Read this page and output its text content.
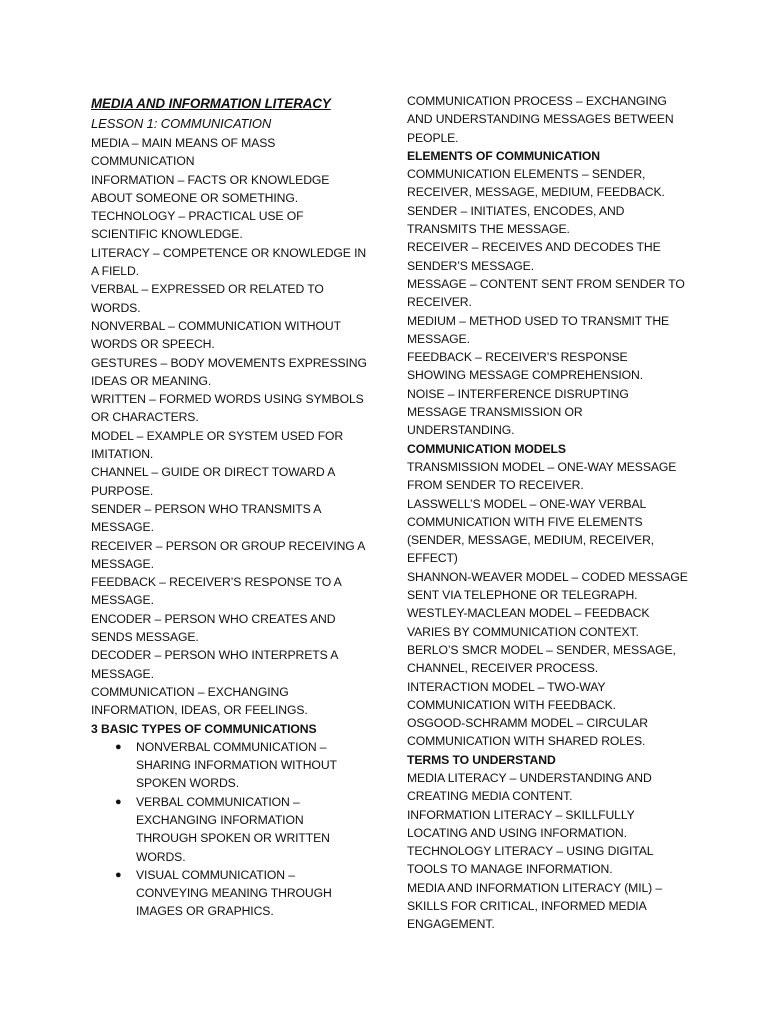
MEDIA AND INFORMATION LITERACY
LESSON 1: COMMUNICATION

MEDIA – MAIN MEANS OF MASS COMMUNICATION

INFORMATION – FACTS OR KNOWLEDGE ABOUT SOMEONE OR SOMETHING.

TECHNOLOGY – PRACTICAL USE OF SCIENTIFIC KNOWLEDGE.

LITERACY – COMPETENCE OR KNOWLEDGE IN A FIELD.

VERBAL – EXPRESSED OR RELATED TO WORDS.

NONVERBAL – COMMUNICATION WITHOUT WORDS OR SPEECH.

GESTURES – BODY MOVEMENTS EXPRESSING IDEAS OR MEANING.

WRITTEN – FORMED WORDS USING SYMBOLS OR CHARACTERS.

MODEL – EXAMPLE OR SYSTEM USED FOR IMITATION.

CHANNEL – GUIDE OR DIRECT TOWARD A PURPOSE.

SENDER – PERSON WHO TRANSMITS A MESSAGE.

RECEIVER – PERSON OR GROUP RECEIVING A MESSAGE.

FEEDBACK – RECEIVER’S RESPONSE TO A MESSAGE.

ENCODER – PERSON WHO CREATES AND SENDS MESSAGE.

DECODER – PERSON WHO INTERPRETS A MESSAGE.

COMMUNICATION – EXCHANGING INFORMATION, IDEAS, OR FEELINGS.

3 BASIC TYPES OF COMMUNICATIONS

● NONVERBAL COMMUNICATION – SHARING INFORMATION WITHOUT SPOKEN WORDS.
● VERBAL COMMUNICATION – EXCHANGING INFORMATION THROUGH SPOKEN OR WRITTEN WORDS.
● VISUAL COMMUNICATION – CONVEYING MEANING THROUGH IMAGES OR GRAPHICS.

COMMUNICATION PROCESS – EXCHANGING AND UNDERSTANDING MESSAGES BETWEEN PEOPLE.

ELEMENTS OF COMMUNICATION

COMMUNICATION ELEMENTS – SENDER, RECEIVER, MESSAGE, MEDIUM, FEEDBACK.

SENDER – INITIATES, ENCODES, AND TRANSMITS THE MESSAGE.

RECEIVER – RECEIVES AND DECODES THE SENDER’S MESSAGE.

MESSAGE – CONTENT SENT FROM SENDER TO RECEIVER.

MEDIUM – METHOD USED TO TRANSMIT THE MESSAGE.

FEEDBACK – RECEIVER’S RESPONSE SHOWING MESSAGE COMPREHENSION.

NOISE – INTERFERENCE DISRUPTING MESSAGE TRANSMISSION OR UNDERSTANDING.

COMMUNICATION MODELS

TRANSMISSION MODEL – ONE-WAY MESSAGE FROM SENDER TO RECEIVER.

LASSWELL’S MODEL – ONE-WAY VERBAL COMMUNICATION WITH FIVE ELEMENTS (SENDER, MESSAGE, MEDIUM, RECEIVER, EFFECT)

SHANNON-WEAVER MODEL – CODED MESSAGE SENT VIA TELEPHONE OR TELEGRAPH.

WESTLEY-MACLEAN MODEL – FEEDBACK VARIES BY COMMUNICATION CONTEXT.

BERLO’S SMCR MODEL – SENDER, MESSAGE, CHANNEL, RECEIVER PROCESS.

INTERACTION MODEL – TWO-WAY COMMUNICATION WITH FEEDBACK.

OSGOOD-SCHRAMM MODEL – CIRCULAR COMMUNICATION WITH SHARED ROLES.

TERMS TO UNDERSTAND

MEDIA LITERACY – UNDERSTANDING AND CREATING MEDIA CONTENT.

INFORMATION LITERACY – SKILLFULLY LOCATING AND USING INFORMATION.

TECHNOLOGY LITERACY – USING DIGITAL TOOLS TO MANAGE INFORMATION.

MEDIA AND INFORMATION LITERACY (MIL) – SKILLS FOR CRITICAL, INFORMED MEDIA ENGAGEMENT.
